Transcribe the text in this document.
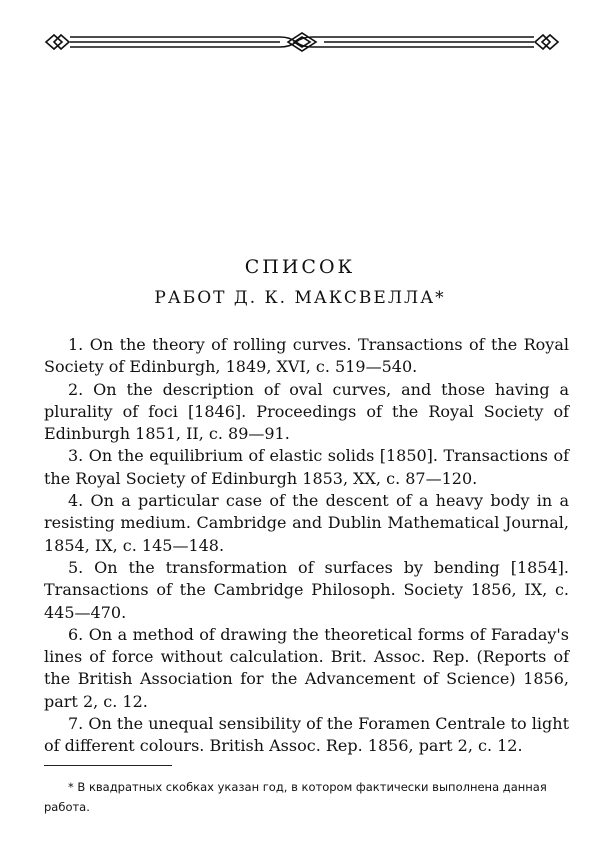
СПИСОК
РАБОТ Д. К. МАКСВЕЛЛА*
1. On the theory of rolling curves. Transactions of the Royal Society of Edinburgh, 1849, XVI, с. 519—540.
2. On the description of oval curves, and those having a plurality of foci [1846]. Proceedings of the Royal Society of Edinburgh 1851, II, с. 89—91.
3. On the equilibrium of elastic solids [1850]. Transactions of the Royal Society of Edinburgh 1853, XX, с. 87—120.
4. On a particular case of the descent of a heavy body in a resisting medium. Cambridge and Dublin Mathematical Journal, 1854, IX, с. 145—148.
5. On the transformation of surfaces by bending [1854]. Transactions of the Cambridge Philosoph. Society 1856, IX, с. 445—470.
6. On a method of drawing the theoretical forms of Faraday's lines of force without calculation. Brit. Assoc. Rep. (Reports of the British Association for the Advancement of Science) 1856, part 2, с. 12.
7. On the unequal sensibility of the Foramen Centrale to light of different colours. British Assoc. Rep. 1856, part 2, с. 12.

* В квадратных скобках указан год, в котором фактически выполнена данная работа.
